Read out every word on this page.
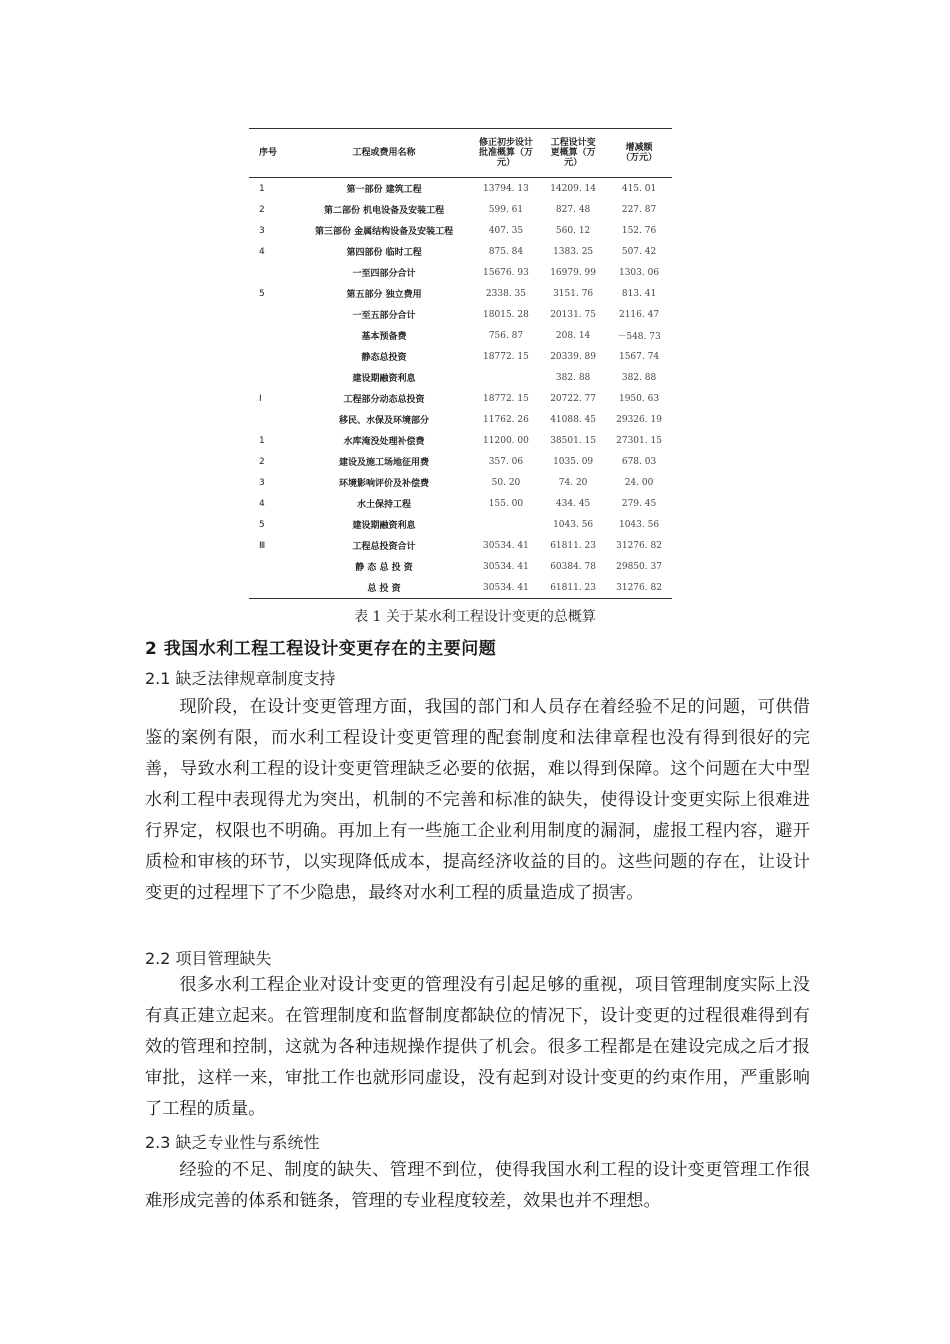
序号	工程或费用名称	修正初步设计批准概算（万元）	工程设计变更概算（万元）	增减额（万元）
1	第一部份 建筑工程	13794. 13	14209. 14	415. 01
2	第二部份 机电设备及安装工程	599. 61	827. 48	227. 87
3	第三部份 金属结构设备及安装工程	407. 35	560. 12	152. 76
4	第四部份 临时工程	875. 84	1383. 25	507. 42
	一至四部分合计	15676. 93	16979. 99	1303. 06
5	第五部分 独立费用	2338. 35	3151. 76	813. 41
	一至五部分合计	18015. 28	20131. 75	2116. 47
	基本预备费	756. 87	208. 14	－548. 73
	静态总投资	18772. 15	20339. 89	1567. 74
	建设期融资利息		382. 88	382. 88
Ⅰ	工程部分动态总投资	18772. 15	20722. 77	1950. 63
	移民、水保及环境部分	11762. 26	41088. 45	29326. 19
1	水库淹没处理补偿费	11200. 00	38501. 15	27301. 15
2	建设及施工场地征用费	357. 06	1035. 09	678. 03
3	环境影响评价及补偿费	50. 20	74. 20	24. 00
4	水土保持工程	155. 00	434. 45	279. 45
5	建设期融资利息		1043. 56	1043. 56
Ⅲ	工程总投资合计	30534. 41	61811. 23	31276. 82
	静 态 总 投 资	30534. 41	60384. 78	29850. 37
	总 投 资	30534. 41	61811. 23	31276. 82
表 1 关于某水利工程设计变更的总概算
2 我国水利工程工程设计变更存在的主要问题
2.1 缺乏法律规章制度支持

现阶段，在设计变更管理方面，我国的部门和人员存在着经验不足的问题，可供借鉴的案例有限，而水利工程设计变更管理的配套制度和法律章程也没有得到很好的完善，导致水利工程的设计变更管理缺乏必要的依据，难以得到保障。这个问题在大中型水利工程中表现得尤为突出，机制的不完善和标准的缺失，使得设计变更实际上很难进行界定，权限也不明确。再加上有一些施工企业利用制度的漏洞，虚报工程内容，避开质检和审核的环节，以实现降低成本，提高经济收益的目的。这些问题的存在，让设计变更的过程埋下了不少隐患，最终对水利工程的质量造成了损害。

2.2 项目管理缺失

很多水利工程企业对设计变更的管理没有引起足够的重视，项目管理制度实际上没有真正建立起来。在管理制度和监督制度都缺位的情况下，设计变更的过程很难得到有效的管理和控制，这就为各种违规操作提供了机会。很多工程都是在建设完成之后才报审批，这样一来，审批工作也就形同虚设，没有起到对设计变更的约束作用，严重影响了工程的质量。

2.3 缺乏专业性与系统性

经验的不足、制度的缺失、管理不到位，使得我国水利工程的设计变更管理工作很难形成完善的体系和链条，管理的专业程度较差，效果也并不理想。
